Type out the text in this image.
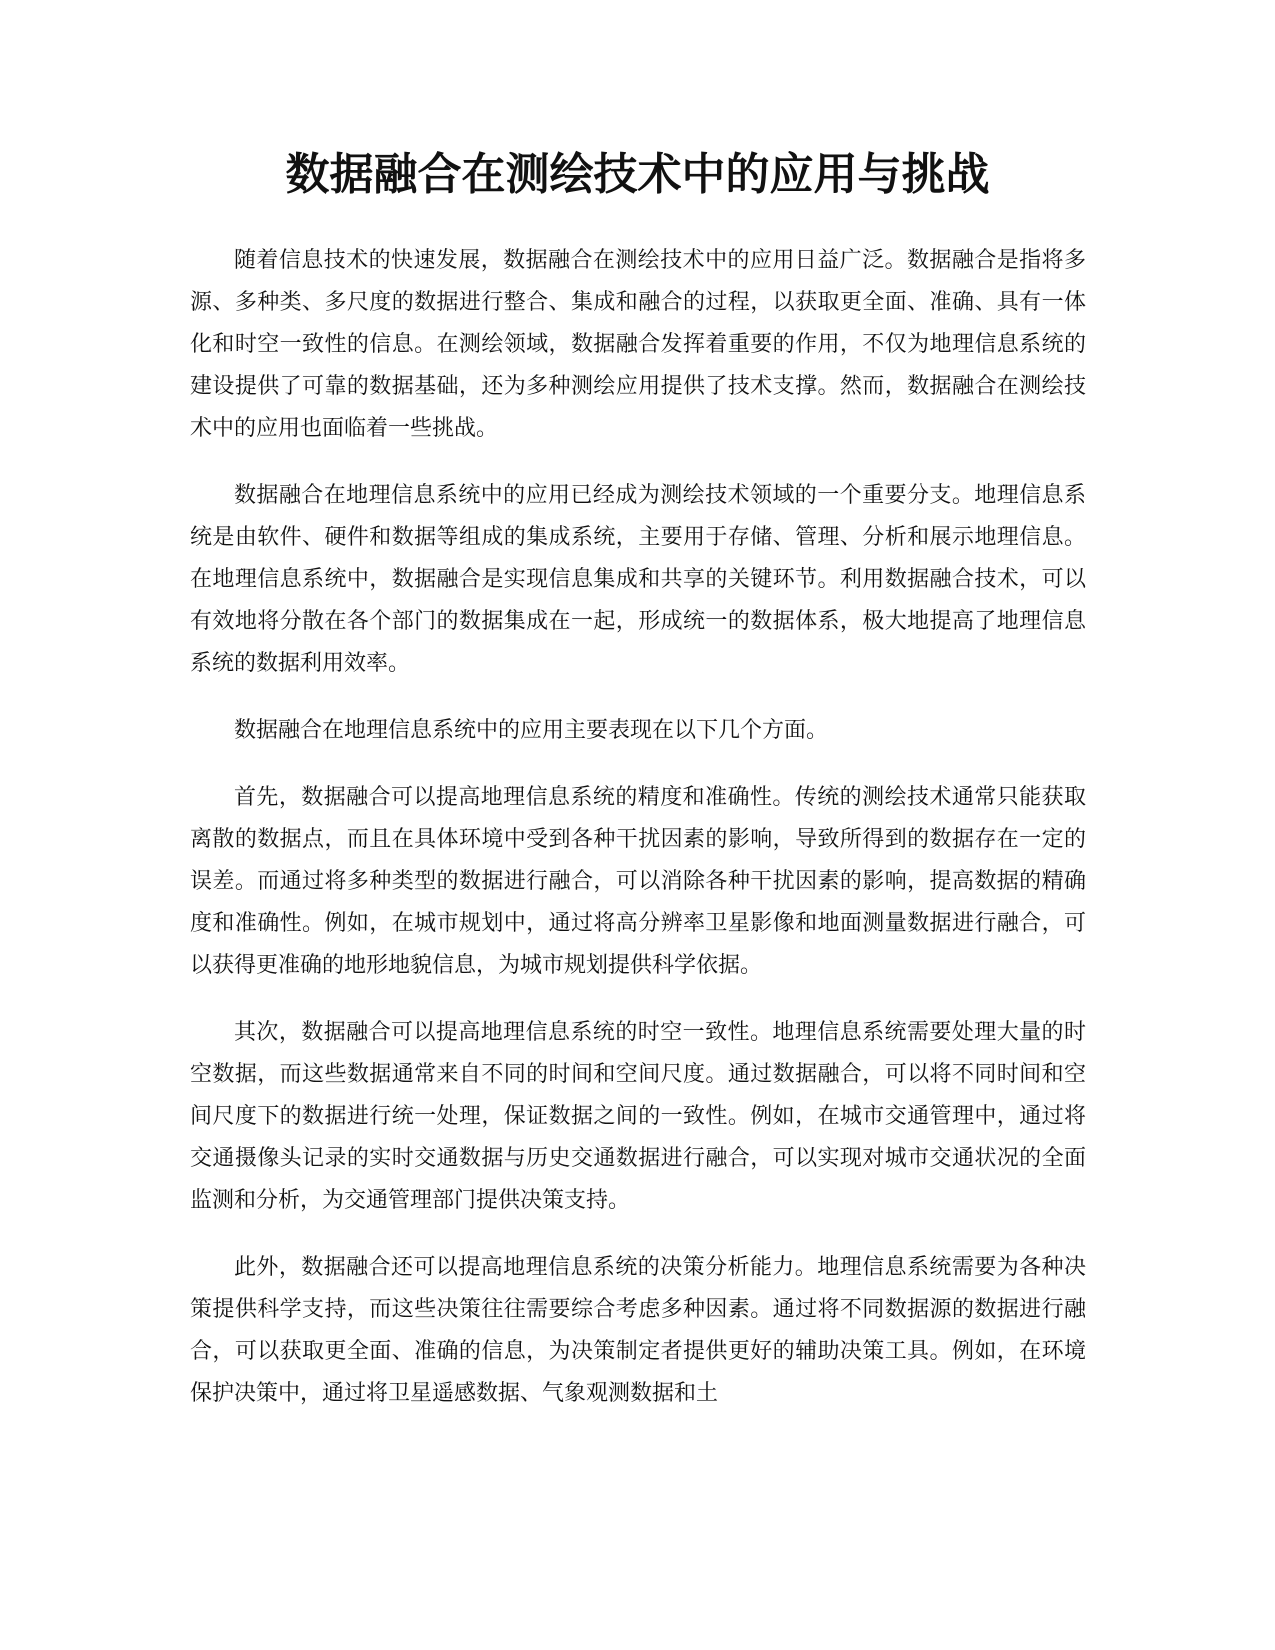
数据融合在测绘技术中的应用与挑战

随着信息技术的快速发展，数据融合在测绘技术中的应用日益广泛。数据融合是指将多源、多种类、多尺度的数据进行整合、集成和融合的过程，以获取更全面、准确、具有一体化和时空一致性的信息。在测绘领域，数据融合发挥着重要的作用，不仅为地理信息系统的建设提供了可靠的数据基础，还为多种测绘应用提供了技术支撑。然而，数据融合在测绘技术中的应用也面临着一些挑战。

数据融合在地理信息系统中的应用已经成为测绘技术领域的一个重要分支。地理信息系统是由软件、硬件和数据等组成的集成系统，主要用于存储、管理、分析和展示地理信息。在地理信息系统中，数据融合是实现信息集成和共享的关键环节。利用数据融合技术，可以有效地将分散在各个部门的数据集成在一起，形成统一的数据体系，极大地提高了地理信息系统的数据利用效率。

数据融合在地理信息系统中的应用主要表现在以下几个方面。

首先，数据融合可以提高地理信息系统的精度和准确性。传统的测绘技术通常只能获取离散的数据点，而且在具体环境中受到各种干扰因素的影响，导致所得到的数据存在一定的误差。而通过将多种类型的数据进行融合，可以消除各种干扰因素的影响，提高数据的精确度和准确性。例如，在城市规划中，通过将高分辨率卫星影像和地面测量数据进行融合，可以获得更准确的地形地貌信息，为城市规划提供科学依据。

其次，数据融合可以提高地理信息系统的时空一致性。地理信息系统需要处理大量的时空数据，而这些数据通常来自不同的时间和空间尺度。通过数据融合，可以将不同时间和空间尺度下的数据进行统一处理，保证数据之间的一致性。例如，在城市交通管理中，通过将交通摄像头记录的实时交通数据与历史交通数据进行融合，可以实现对城市交通状况的全面监测和分析，为交通管理部门提供决策支持。

此外，数据融合还可以提高地理信息系统的决策分析能力。地理信息系统需要为各种决策提供科学支持，而这些决策往往需要综合考虑多种因素。通过将不同数据源的数据进行融合，可以获取更全面、准确的信息，为决策制定者提供更好的辅助决策工具。例如，在环境保护决策中，通过将卫星遥感数据、气象观测数据和土
